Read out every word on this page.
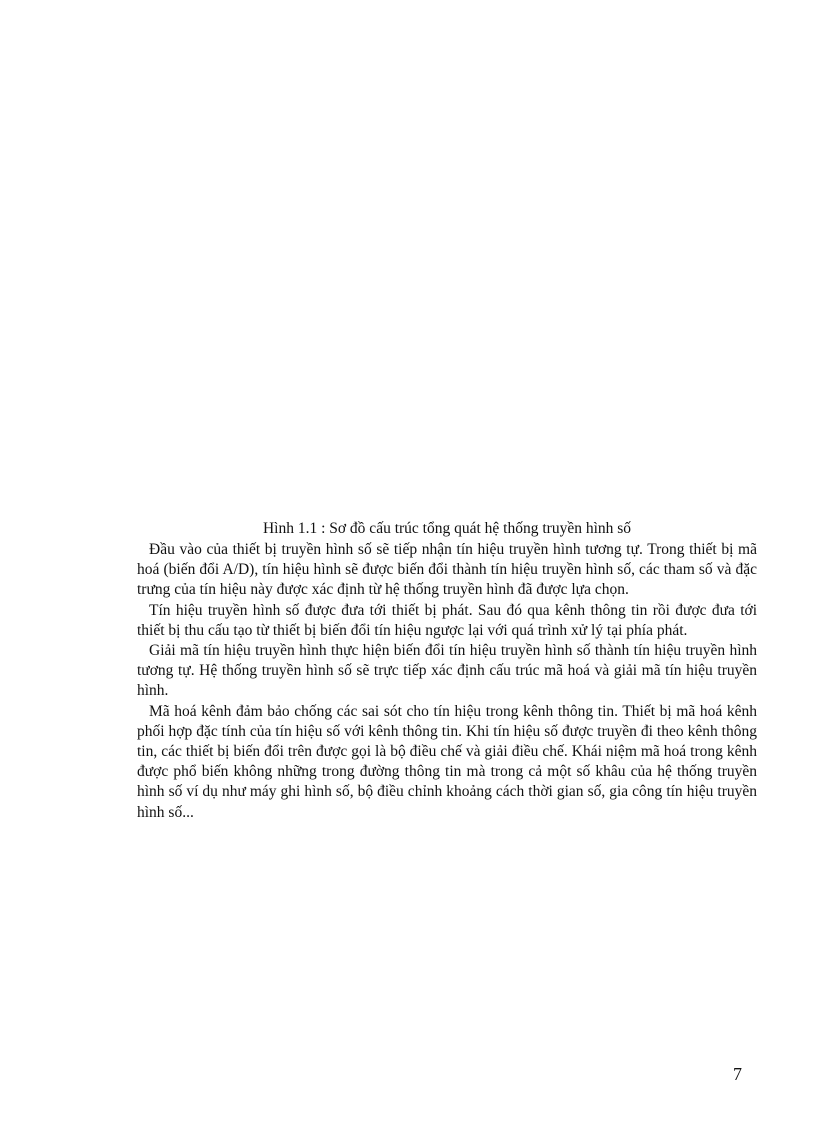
Hình 1.1 : Sơ đồ cấu trúc tổng quát hệ thống truyền hình số

Đầu vào của thiết bị truyền hình số sẽ tiếp nhận tín hiệu truyền hình tương tự. Trong thiết bị mã hoá (biến đổi A/D), tín hiệu hình sẽ được biến đổi thành tín hiệu truyền hình số, các tham số và đặc trưng của tín hiệu này được xác định từ hệ thống truyền hình đã được lựa chọn.

Tín hiệu truyền hình số được đưa tới thiết bị phát. Sau đó qua kênh thông tin rồi được đưa tới thiết bị thu cấu tạo từ thiết bị biến đổi tín hiệu ngược lại với quá trình xử lý tại phía phát.

Giải mã tín hiệu truyền hình thực hiện biến đổi tín hiệu truyền hình số thành tín hiệu truyền hình tương tự. Hệ thống truyền hình số sẽ trực tiếp xác định cấu trúc mã hoá và giải mã tín hiệu truyền hình.

Mã hoá kênh đảm bảo chống các sai sót cho tín hiệu trong kênh thông tin. Thiết bị mã hoá kênh phối hợp đặc tính của tín hiệu số với kênh thông tin. Khi tín hiệu số được truyền đi theo kênh thông tin, các thiết bị biến đổi trên được gọi là bộ điều chế và giải điều chế. Khái niệm mã hoá trong kênh được phổ biến không những trong đường thông tin mà trong cả một số khâu của hệ thống truyền hình số ví dụ như máy ghi hình số, bộ điều chỉnh khoảng cách thời gian số, gia công tín hiệu truyền hình số...

7
